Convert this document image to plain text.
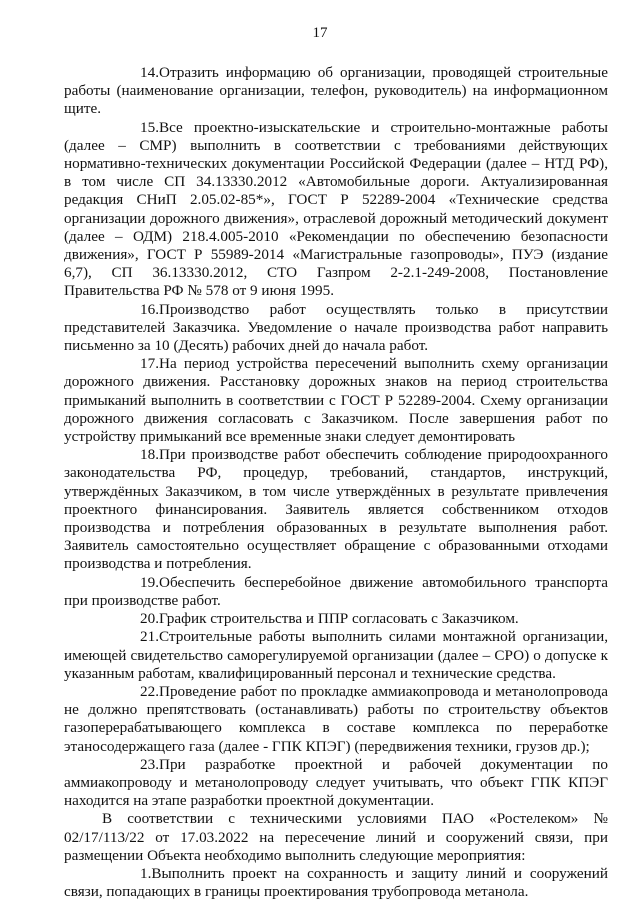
17

14.Отразить информацию об организации, проводящей строительные работы (наименование организации, телефон, руководитель) на информационном щите.

15.Все проектно-изыскательские и строительно-монтажные работы (далее – СМР) выполнить в соответствии с требованиями действующих нормативно-технических документации Российской Федерации (далее – НТД РФ), в том числе СП 34.13330.2012 «Автомобильные дороги. Актуализированная редакция СНиП 2.05.02-85*», ГОСТ Р 52289-2004 «Технические средства организации дорожного движения», отраслевой дорожный методический документ (далее – ОДМ) 218.4.005-2010 «Рекомендации по обеспечению безопасности движения», ГОСТ Р 55989-2014 «Магистральные газопроводы», ПУЭ (издание 6,7), СП 36.13330.2012, СТО Газпром 2-2.1-249-2008, Постановление Правительства РФ № 578 от 9 июня 1995.

16.Производство работ осуществлять только в присутствии представителей Заказчика. Уведомление о начале производства работ направить письменно за 10 (Десять) рабочих дней до начала работ.

17.На период устройства пересечений выполнить схему организации дорожного движения. Расстановку дорожных знаков на период строительства примыканий выполнить в соответствии с ГОСТ Р 52289-2004. Схему организации дорожного движения согласовать с Заказчиком. После завершения работ по устройству примыканий все временные знаки следует демонтировать

18.При производстве работ обеспечить соблюдение природоохранного законодательства РФ, процедур, требований, стандартов, инструкций, утверждённых Заказчиком, в том числе утверждённых в результате привлечения проектного финансирования. Заявитель является собственником отходов производства и потребления образованных в результате выполнения работ. Заявитель самостоятельно осуществляет обращение с образованными отходами производства и потребления.

19.Обеспечить бесперебойное движение автомобильного транспорта при производстве работ.

20.График строительства и ППР согласовать с Заказчиком.

21.Строительные работы выполнить силами монтажной организации, имеющей свидетельство саморегулируемой организации (далее – СРО) о допуске к указанным работам, квалифицированный персонал и технические средства.

22.Проведение работ по прокладке аммиакопровода и метанолопровода не должно препятствовать (останавливать) работы по строительству объектов газоперерабатывающего комплекса в составе комплекса по переработке этаносодержащего газа (далее - ГПК КПЭГ) (передвижения техники, грузов др.);

23.При разработке проектной и рабочей документации по аммиакопроводу и метанолопроводу следует учитывать, что объект ГПК КПЭГ находится на этапе разработки проектной документации.

В соответствии с техническими условиями ПАО «Ростелеком» № 02/17/113/22 от 17.03.2022 на пересечение линий и сооружений связи, при размещении Объекта необходимо выполнить следующие мероприятия:

1.Выполнить проект на сохранность и защиту линий и сооружений связи, попадающих в границы проектирования трубопровода метанола.
